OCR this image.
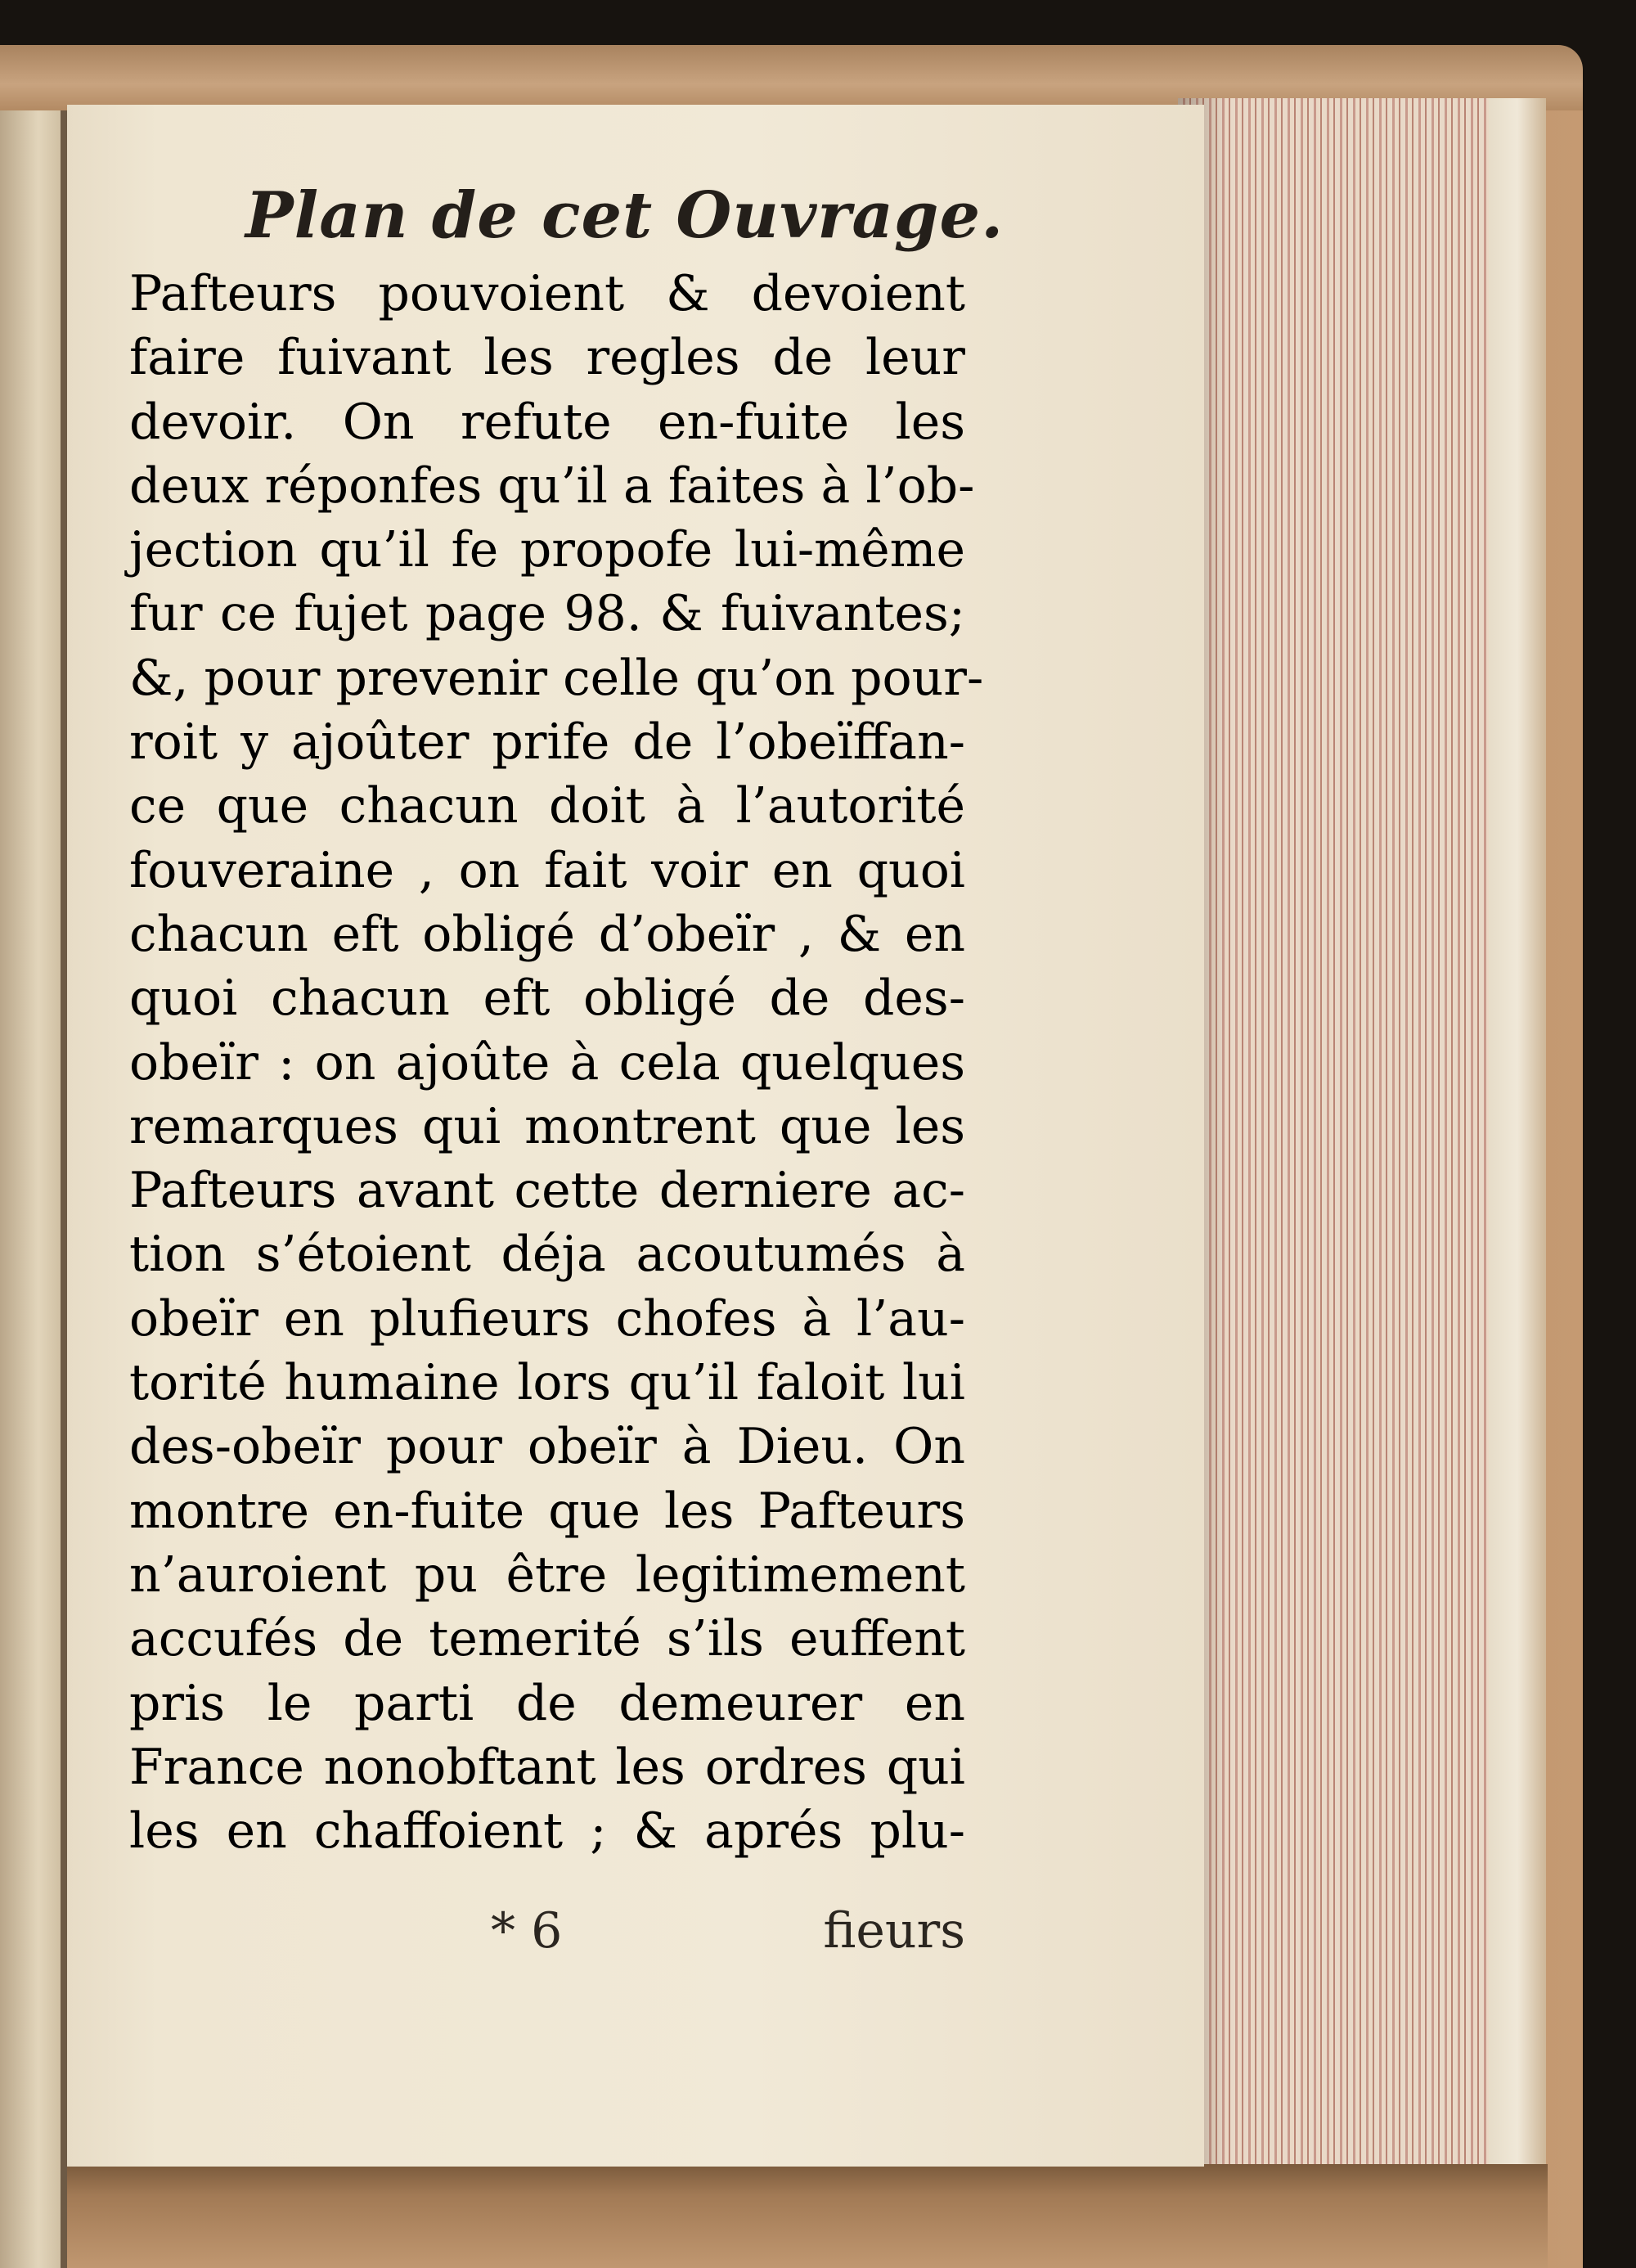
Plan de cet Ouvrage.
Pafteurs pouvoient & devoient
faire fuivant les regles de leur
devoir. On refute en-fuite les
deux réponfes qu’il a faites à l’ob-
jection qu’il fe propofe lui-même
fur ce fujet page 98. & fuivantes;
&, pour prevenir celle qu’on pour-
roit y ajoûter prife de l’obeïffan-
ce que chacun doit à l’autorité
fouveraine , on fait voir en quoi
chacun eft obligé d’obeïr , & en
quoi chacun eft obligé de des-
obeïr : on ajoûte à cela quelques
remarques qui montrent que les
Pafteurs avant cette derniere ac-
tion s’étoient déja acoutumés à
obeïr en plufieurs chofes à l’au-
torité humaine lors qu’il faloit lui
des-obeïr pour obeïr à Dieu. On
montre en-fuite que les Pafteurs
n’auroient pu être legitimement
accufés de temerité s’ils euffent
pris le parti de demeurer en
France nonobftant les ordres qui
les en chaffoient ; & aprés plu-
* 6	fieurs
